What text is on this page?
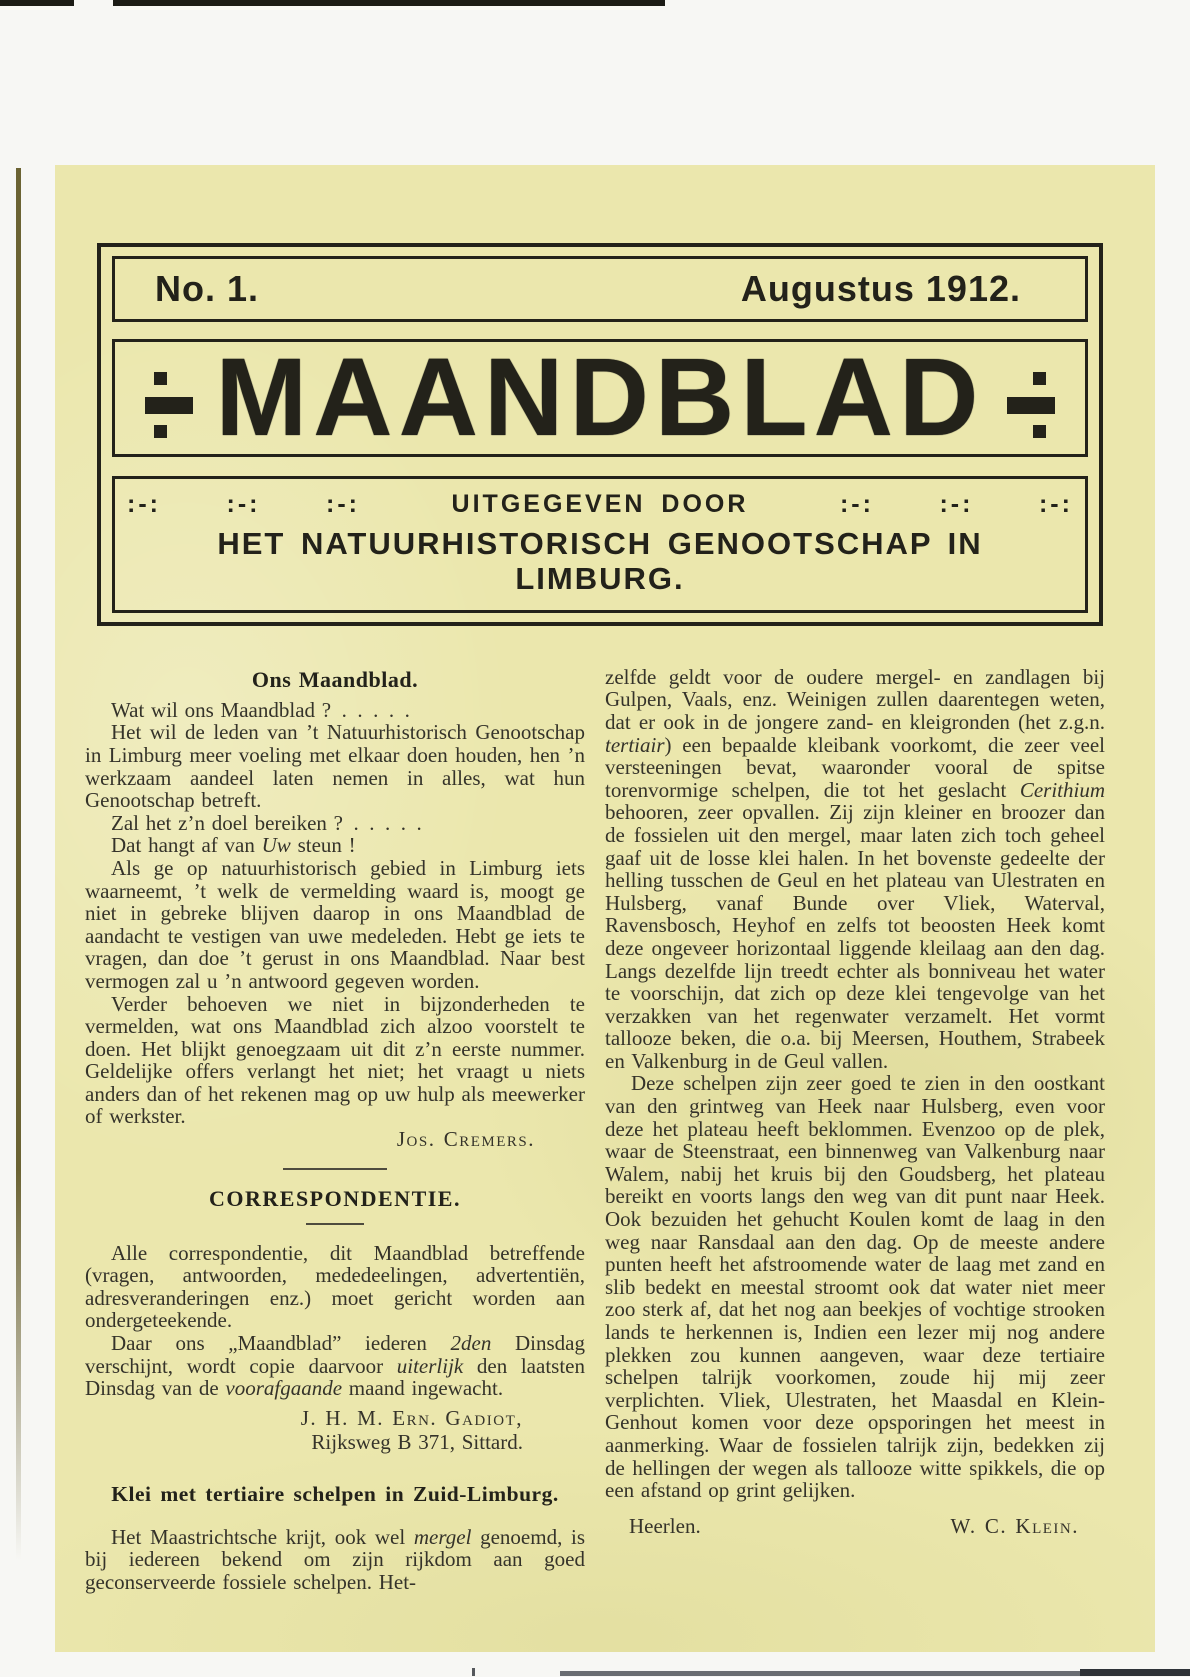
No. 1.	Augustus 1912.
MAANDBLAD
:-:	:-:	:-:	UITGEGEVEN DOOR	:-:	:-:	:-:
HET NATUURHISTORISCH GENOOTSCHAP IN LIMBURG.
Ons Maandblad.

Wat wil ons Maandblad ? . . . . .

Het wil de leden van ’t Natuurhistorisch Genootschap in Limburg meer voeling met elkaar doen houden, hen ’n werkzaam aandeel laten nemen in alles, wat hun Genootschap betreft.

Zal het z’n doel bereiken ? . . . . .

Dat hangt af van Uw steun !

Als ge op natuurhistorisch gebied in Limburg iets waarneemt, ’t welk de vermelding waard is, moogt ge niet in gebreke blijven daarop in ons Maandblad de aandacht te vestigen van uwe medeleden. Hebt ge iets te vragen, dan doe ’t gerust in ons Maandblad. Naar best vermogen zal u ’n antwoord gegeven worden.

Verder behoeven we niet in bijzonderheden te vermelden, wat ons Maandblad zich alzoo voorstelt te doen. Het blijkt genoegzaam uit dit z’n eerste nummer. Geldelijke offers verlangt het niet; het vraagt u niets anders dan of het rekenen mag op uw hulp als meewerker of werkster.

Jos. Cremers.

CORRESPONDENTIE.

Alle correspondentie, dit Maandblad betreffende (vragen, antwoorden, mededeelingen, advertentiën, adresveranderingen enz.) moet gericht worden aan ondergeteekende.

Daar ons „Maandblad” iederen 2den Dinsdag verschijnt, wordt copie daarvoor uiterlijk den laatsten Dinsdag van de voorafgaande maand ingewacht.

J. H. M. Ern. Gadiot,
Rijksweg B 371, Sittard.
Klei met tertiaire schelpen in Zuid-Limburg.

Het Maastrichtsche krijt, ook wel mergel genoemd, is bij iedereen bekend om zijn rijkdom aan goed geconserveerde fossiele schelpen. Het-

zelfde geldt voor de oudere mergel- en zandlagen bij Gulpen, Vaals, enz. Weinigen zullen daarentegen weten, dat er ook in de jongere zand- en kleigronden (het z.g.n. tertiair) een bepaalde kleibank voorkomt, die zeer veel versteeningen bevat, waaronder vooral de spitse torenvormige schelpen, die tot het geslacht Cerithium behooren, zeer opvallen. Zij zijn kleiner en broozer dan de fossielen uit den mergel, maar laten zich toch geheel gaaf uit de losse klei halen. In het bovenste gedeelte der helling tusschen de Geul en het plateau van Ulestraten en Hulsberg, vanaf Bunde over Vliek, Waterval, Ravensbosch, Heyhof en zelfs tot beoosten Heek komt deze ongeveer horizontaal liggende kleilaag aan den dag. Langs dezelfde lijn treedt echter als bonniveau het water te voorschijn, dat zich op deze klei tengevolge van het verzakken van het regenwater verzamelt. Het vormt tallooze beken, die o.a. bij Meersen, Houthem, Strabeek en Valkenburg in de Geul vallen.

Deze schelpen zijn zeer goed te zien in den oostkant van den grintweg van Heek naar Hulsberg, even voor deze het plateau heeft beklommen. Evenzoo op de plek, waar de Steenstraat, een binnenweg van Valkenburg naar Walem, nabij het kruis bij den Goudsberg, het plateau bereikt en voorts langs den weg van dit punt naar Heek. Ook bezuiden het gehucht Koulen komt de laag in den weg naar Ransdaal aan den dag. Op de meeste andere punten heeft het afstroomende water de laag met zand en slib bedekt en meestal stroomt ook dat water niet meer zoo sterk af, dat het nog aan beekjes of vochtige strooken lands te herkennen is, Indien een lezer mij nog andere plekken zou kunnen aangeven, waar deze tertiaire schelpen talrijk voorkomen, zoude hij mij zeer verplichten. Vliek, Ulestraten, het Maasdal en Klein-Genhout komen voor deze opsporingen het meest in aanmerking. Waar de fossielen talrijk zijn, bedekken zij de hellingen der wegen als tallooze witte spikkels, die op een afstand op grint gelijken.

Heerlen.	W. C. Klein.
